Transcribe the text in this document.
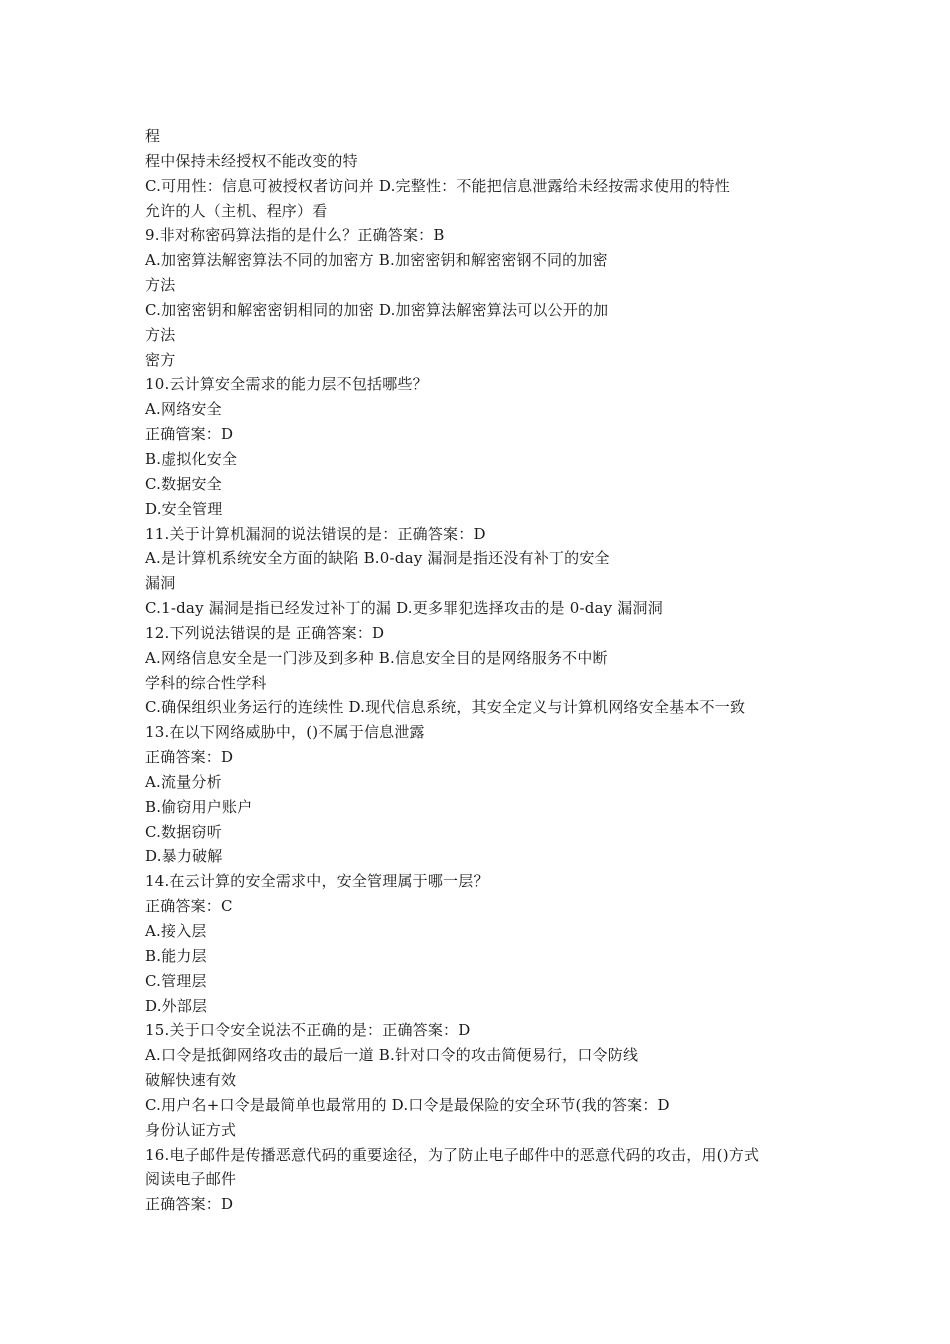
程
程中保持未经授权不能改变的特
C.可用性：信息可被授权者访问并 D.完整性：不能把信息泄露给未经按需求使用的特性
允许的人（主机、程序）看
9.非对称密码算法指的是什么？正确答案：B
A.加密算法解密算法不同的加密方 B.加密密钥和解密密钢不同的加密
方法
C.加密密钥和解密密钥相同的加密 D.加密算法解密算法可以公开的加
方法
密方
10.云计算安全需求的能力层不包括哪些？
A.网络安全
正确管案：D
B.虚拟化安全
C.数据安全
D.安全管理
11.关于计算机漏洞的说法错误的是：正确答案：D
A.是计算机系统安全方面的缺陷 B.0-day 漏洞是指还没有补丁的安全
漏洞
C.1-day 漏洞是指已经发过补丁的漏 D.更多罪犯选择攻击的是 0-day 漏洞洞
12.下列说法错误的是 正确答案：D
A.网络信息安全是一门涉及到多种 B.信息安全目的是网络服务不中断
学科的综合性学科
C.确保组织业务运行的连续性 D.现代信息系统，其安全定义与计算机网络安全基本不一致
13.在以下网络威胁中，()不属于信息泄露
正确答案：D
A.流量分析
B.偷窃用户账户
C.数据窃听
D.暴力破解
14.在云计算的安全需求中，安全管理属于哪一层？
正确答案：C
A.接入层
B.能力层
C.管理层
D.外部层
15.关于口令安全说法不正确的是：正确答案：D
A.口令是抵御网络攻击的最后一道 B.针对口令的攻击简便易行，口令防线
破解快速有效
C.用户名+口令是最简单也最常用的 D.口令是最保险的安全环节(我的答案：D
身份认证方式
16.电子邮件是传播恶意代码的重要途径，为了防止电子邮件中的恶意代码的攻击，用()方式
阅读电子邮件
正确答案：D
